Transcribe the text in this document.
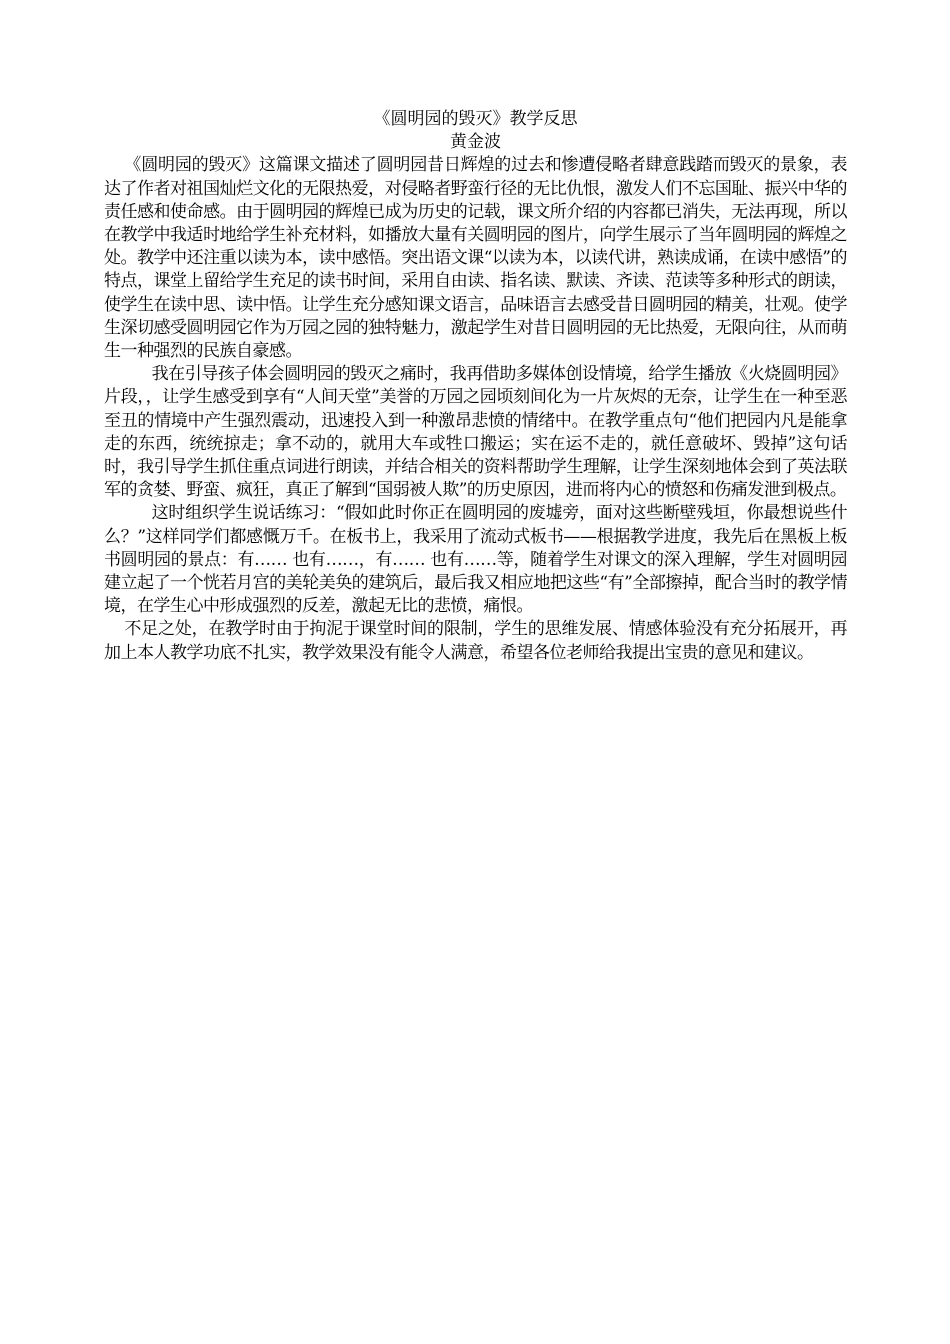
《圆明园的毁灭》教学反思

黄金波

《圆明园的毁灭》这篇课文描述了圆明园昔日辉煌的过去和惨遭侵略者肆意践踏而毁灭的景象，表达了作者对祖国灿烂文化的无限热爱，对侵略者野蛮行径的无比仇恨，激发人们不忘国耻、振兴中华的责任感和使命感。由于圆明园的辉煌已成为历史的记载，课文所介绍的内容都已消失，无法再现，所以在教学中我适时地给学生补充材料，如播放大量有关圆明园的图片，向学生展示了当年圆明园的辉煌之处。教学中还注重以读为本，读中感悟。突出语文课“以读为本，以读代讲，熟读成诵，在读中感悟”的特点，课堂上留给学生充足的读书时间，采用自由读、指名读、默读、齐读、范读等多种形式的朗读，使学生在读中思、读中悟。让学生充分感知课文语言，品味语言去感受昔日圆明园的精美，壮观。使学生深切感受圆明园它作为万园之园的独特魅力，激起学生对昔日圆明园的无比热爱，无限向往，从而萌生一种强烈的民族自豪感。

我在引导孩子体会圆明园的毁灭之痛时，我再借助多媒体创设情境，给学生播放《火烧圆明园》片段，，让学生感受到享有“人间天堂”美誉的万园之园顷刻间化为一片灰烬的无奈，让学生在一种至恶至丑的情境中产生强烈震动，迅速投入到一种激昂悲愤的情绪中。在教学重点句“他们把园内凡是能拿走的东西，统统掠走；拿不动的，就用大车或牲口搬运；实在运不走的，就任意破坏、毁掉”这句话时，我引导学生抓住重点词进行朗读，并结合相关的资料帮助学生理解，让学生深刻地体会到了英法联军的贪婪、野蛮、疯狂，真正了解到“国弱被人欺”的历史原因，进而将内心的愤怒和伤痛发泄到极点。

这时组织学生说话练习：“假如此时你正在圆明园的废墟旁，面对这些断壁残垣，你最想说些什么？”这样同学们都感慨万千。在板书上，我采用了流动式板书——根据教学进度，我先后在黑板上板书圆明园的景点：有…… 也有……，有…… 也有……等，随着学生对课文的深入理解，学生对圆明园建立起了一个恍若月宫的美轮美奂的建筑后，最后我又相应地把这些“有”全部擦掉，配合当时的教学情境，在学生心中形成强烈的反差，激起无比的悲愤，痛恨。

不足之处，在教学时由于拘泥于课堂时间的限制，学生的思维发展、情感体验没有充分拓展开，再加上本人教学功底不扎实，教学效果没有能令人满意，希望各位老师给我提出宝贵的意见和建议。
